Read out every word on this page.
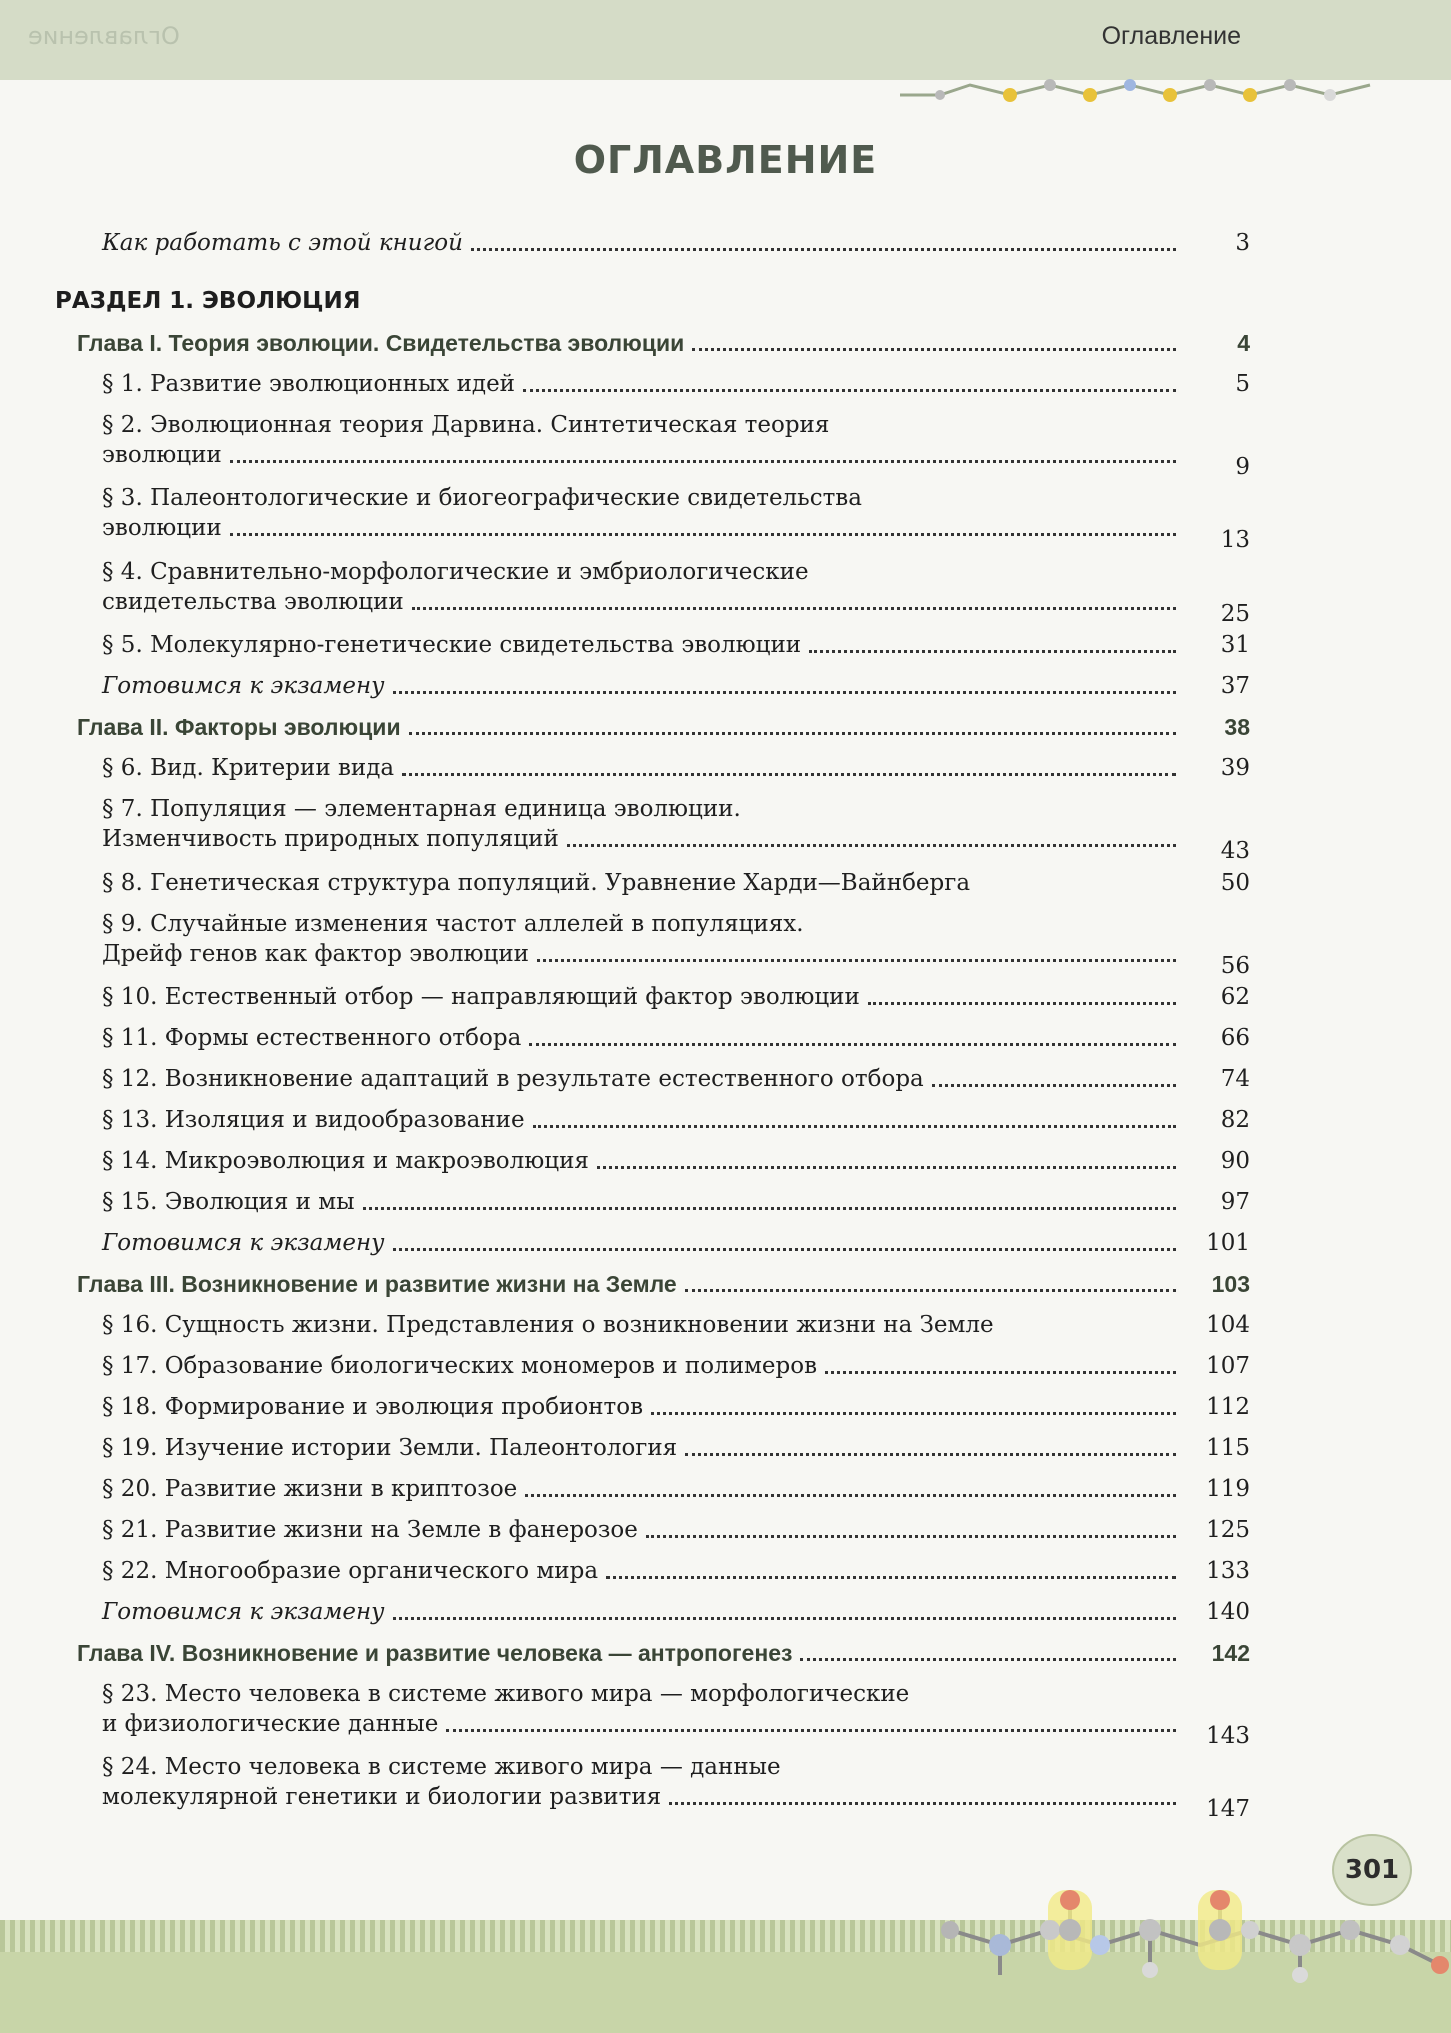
Оглавление	Оглавление
ОГЛАВЛЕНИЕ
Как работать с этой книгой	3
РАЗДЕЛ 1. ЭВОЛЮЦИЯ
Глава I. Теория эволюции. Свидетельства эволюции	4
§ 1. Развитие эволюционных идей	5
§ 2. Эволюционная теория Дарвина. Синтетическая теория
эволюции	9
§ 3. Палеонтологические и биогеографические свидетельства
эволюции	13
§ 4. Сравнительно-морфологические и эмбриологические
свидетельства эволюции	25
§ 5. Молекулярно-генетические свидетельства эволюции	31
Готовимся к экзамену	37
Глава II. Факторы эволюции	38
§ 6. Вид. Критерии вида	39
§ 7. Популяция — элементарная единица эволюции.
Изменчивость природных популяций	43
§ 8. Генетическая структура популяций. Уравнение Харди—Вайнберга	50
§ 9. Случайные изменения частот аллелей в популяциях.
Дрейф генов как фактор эволюции	56
§ 10. Естественный отбор — направляющий фактор эволюции	62
§ 11. Формы естественного отбора	66
§ 12. Возникновение адаптаций в результате естественного отбора	74
§ 13. Изоляция и видообразование	82
§ 14. Микроэволюция и макроэволюция	90
§ 15. Эволюция и мы	97
Готовимся к экзамену	101
Глава III. Возникновение и развитие жизни на Земле	103
§ 16. Сущность жизни. Представления о возникновении жизни на Земле	104
§ 17. Образование биологических мономеров и полимеров	107
§ 18. Формирование и эволюция пробионтов	112
§ 19. Изучение истории Земли. Палеонтология	115
§ 20. Развитие жизни в криптозое	119
§ 21. Развитие жизни на Земле в фанерозое	125
§ 22. Многообразие органического мира	133
Готовимся к экзамену	140
Глава IV. Возникновение и развитие человека — антропогенез	142
§ 23. Место человека в системе живого мира — морфологические
и физиологические данные	143
§ 24. Место человека в системе живого мира — данные
молекулярной генетики и биологии развития	147
301
